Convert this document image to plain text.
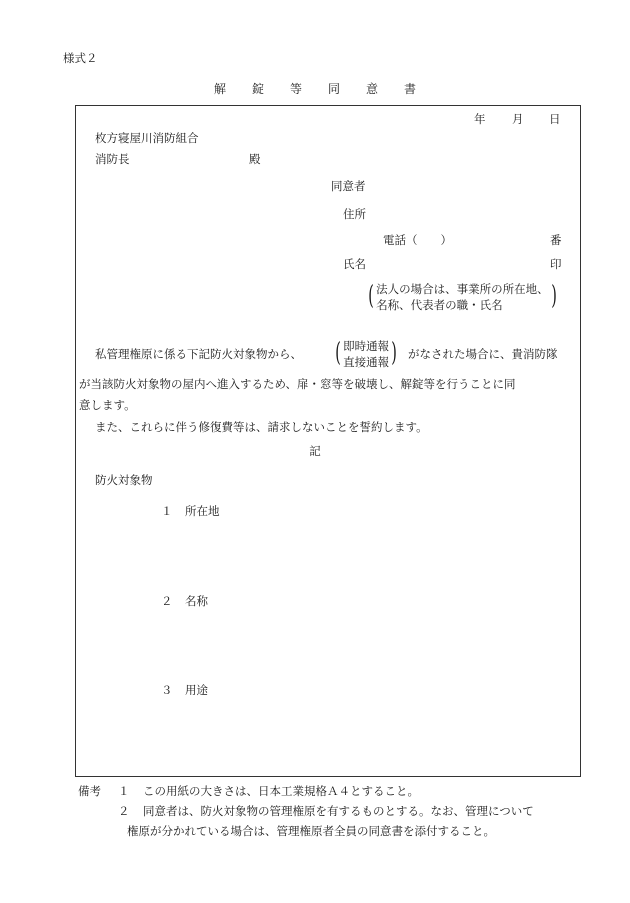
様式２
解錠等同意書
年 月 日
枚方寝屋川消防組合
消防長	殿
同意者
住所
電話（　　）	番
氏名	印
( 法人の場合は、事業所の所在地、
名称、代表者の職・氏名	)
私管理権原に係る下記防火対象物から、 ( 即時通報
直接通報 ) がなされた場合に、貴消防隊
が当該防火対象物の屋内へ進入するため、扉・窓等を破壊し、解錠等を行うことに同
意します。
また、これらに伴う修復費等は、請求しないことを誓約します。
記
防火対象物
１ 所在地
２ 名称
３ 用途
備考 １ この用紙の大きさは、日本工業規格Ａ４とすること。
２ 同意者は、防火対象物の管理権原を有するものとする。なお、管理について
権原が分かれている場合は、管理権原者全員の同意書を添付すること。
